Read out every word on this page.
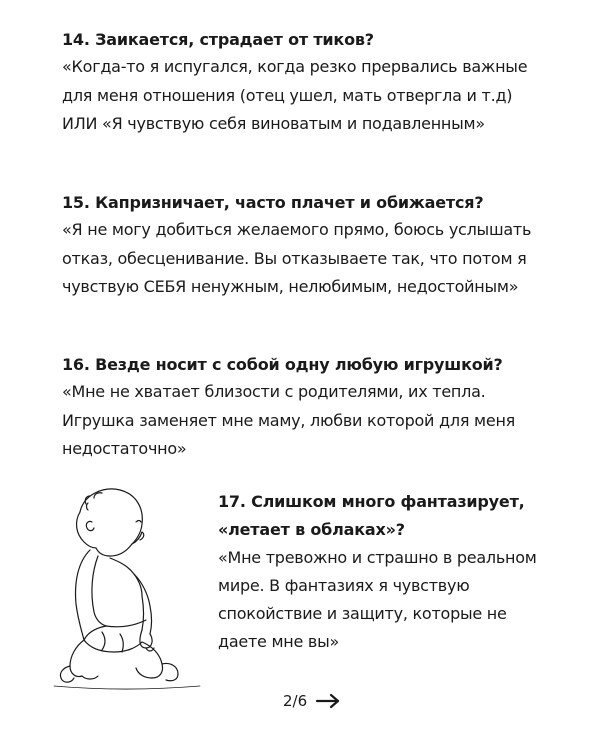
14. Заикается, страдает от тиков?

«Когда-то я испугался, когда резко прервались важные для меня отношения (отец ушел, мать отвергла и т.д) ИЛИ «Я чувствую себя виноватым и подавленным»

15. Капризничает, часто плачет и обижается?

«Я не могу добиться желаемого прямо, боюсь услышать отказ, обесценивание. Вы отказываете так, что потом я чувствую СЕБЯ ненужным, нелюбимым, недостойным»

16. Везде носит с собой одну любую игрушкой?

«Мне не хватает близости с родителями, их тепла. Игрушка заменяет мне маму, любви которой для меня недостаточно»

17. Слишком много фантазирует, «летает в облаках»?

«Мне тревожно и страшно в реальном мире. В фантазиях я чувствую спокойствие и защиту, которые не даете мне вы»

2/6
